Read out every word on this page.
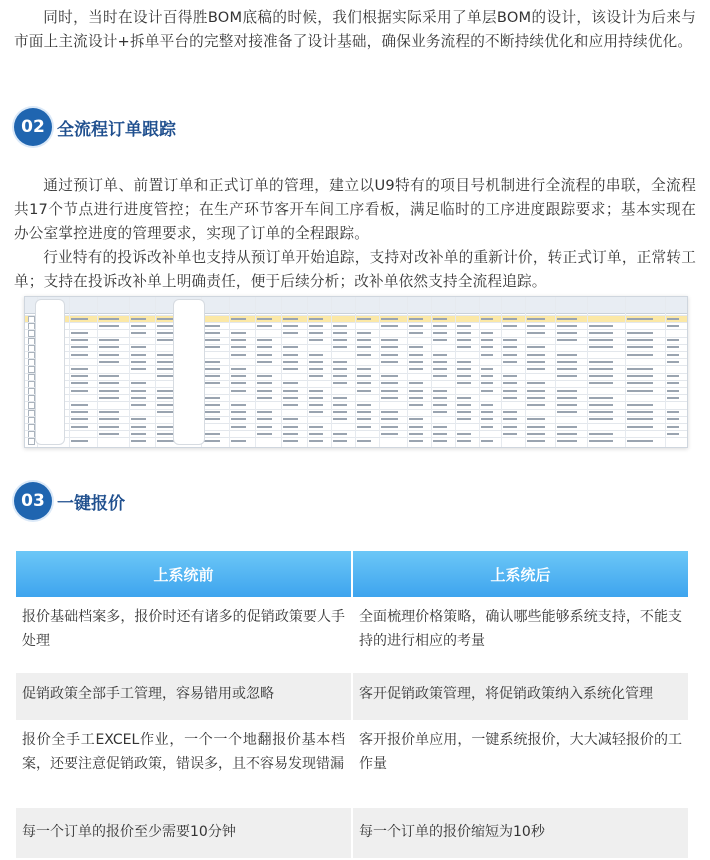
同时，当时在设计百得胜BOM底稿的时候，我们根据实际采用了单层BOM的设计，该设计为后来与市面上主流设计+拆单平台的完整对接准备了设计基础，确保业务流程的不断持续优化和应用持续优化。

02 全流程订单跟踪

通过预订单、前置订单和正式订单的管理，建立以U9特有的项目号机制进行全流程的串联，全流程共17个节点进行进度管控；在生产环节客开车间工序看板，满足临时的工序进度跟踪要求；基本实现在办公室掌控进度的管理要求，实现了订单的全程跟踪。

行业特有的投诉改补单也支持从预订单开始追踪，支持对改补单的重新计价，转正式订单，正常转工单；支持在投诉改补单上明确责任，便于后续分析；改补单依然支持全流程追踪。

03 一键报价
上系统前	上系统后
报价基础档案多，报价时还有诸多的促销政策要人手处理	全面梳理价格策略，确认哪些能够系统支持，不能支持的进行相应的考量
促销政策全部手工管理，容易错用或忽略	客开促销政策管理，将促销政策纳入系统化管理
报价全手工EXCEL作业，一个一个地翻报价基本档案，还要注意促销政策，错误多，且不容易发现错漏	客开报价单应用，一键系统报价，大大减轻报价的工作量
每一个订单的报价至少需要10分钟	每一个订单的报价缩短为10秒
